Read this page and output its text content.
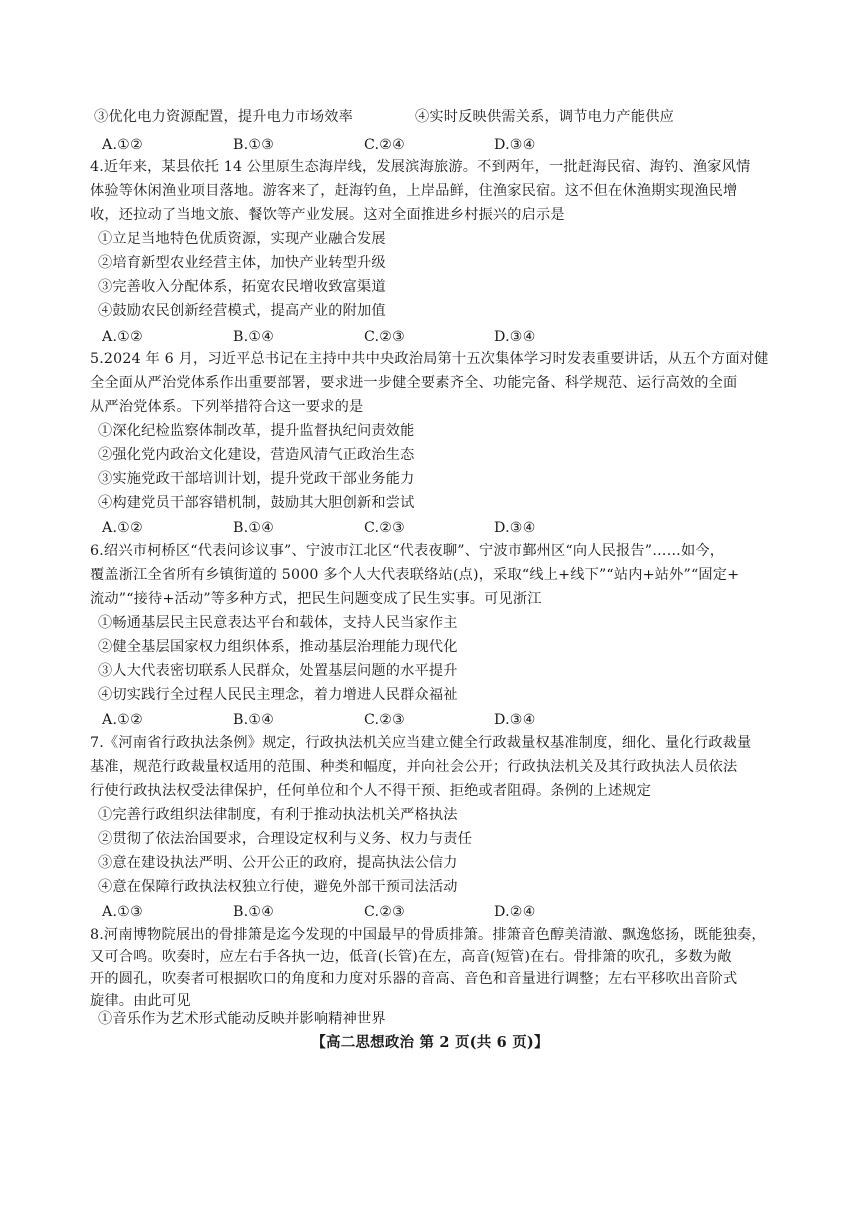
③优化电力资源配置，提升电力市场效率	④实时反映供需关系，调节电力产能供应
A.①②	B.①③	C.②④	D.③④
4.近年来，某县依托 14 公里原生态海岸线，发展滨海旅游。不到两年，一批赶海民宿、海钓、渔家风情
体验等休闲渔业项目落地。游客来了，赶海钓鱼，上岸品鲜，住渔家民宿。这不但在休渔期实现渔民增
收，还拉动了当地文旅、餐饮等产业发展。这对全面推进乡村振兴的启示是
①立足当地特色优质资源，实现产业融合发展
②培育新型农业经营主体，加快产业转型升级
③完善收入分配体系，拓宽农民增收致富渠道
④鼓励农民创新经营模式，提高产业的附加值
A.①②	B.①④	C.②③	D.③④
5.2024 年 6 月，习近平总书记在主持中共中央政治局第十五次集体学习时发表重要讲话，从五个方面对健
全全面从严治党体系作出重要部署，要求进一步健全要素齐全、功能完备、科学规范、运行高效的全面
从严治党体系。下列举措符合这一要求的是
①深化纪检监察体制改革，提升监督执纪问责效能
②强化党内政治文化建设，营造风清气正政治生态
③实施党政干部培训计划，提升党政干部业务能力
④构建党员干部容错机制，鼓励其大胆创新和尝试
A.①②	B.①④	C.②③	D.③④
6.绍兴市柯桥区“代表问诊议事”、宁波市江北区“代表夜聊”、宁波市鄞州区“向人民报告”……如今，
覆盖浙江全省所有乡镇街道的 5000 多个人大代表联络站(点)，采取“线上+线下”“站内+站外”“固定+
流动”“接待+活动”等多种方式，把民生问题变成了民生实事。可见浙江
①畅通基层民主民意表达平台和载体，支持人民当家作主
②健全基层国家权力组织体系，推动基层治理能力现代化
③人大代表密切联系人民群众，处置基层问题的水平提升
④切实践行全过程人民民主理念，着力增进人民群众福祉
A.①②	B.①④	C.②③	D.③④
7.《河南省行政执法条例》规定，行政执法机关应当建立健全行政裁量权基准制度，细化、量化行政裁量
基准，规范行政裁量权适用的范围、种类和幅度，并向社会公开；行政执法机关及其行政执法人员依法
行使行政执法权受法律保护，任何单位和个人不得干预、拒绝或者阻碍。条例的上述规定
①完善行政组织法律制度，有利于推动执法机关严格执法
②贯彻了依法治国要求，合理设定权利与义务、权力与责任
③意在建设执法严明、公开公正的政府，提高执法公信力
④意在保障行政执法权独立行使，避免外部干预司法活动
A.①③	B.①④	C.②③	D.②④
8.河南博物院展出的骨排箫是迄今发现的中国最早的骨质排箫。排箫音色醇美清澈、飘逸悠扬，既能独奏，
又可合鸣。吹奏时，应左右手各执一边，低音(长管)在左，高音(短管)在右。骨排箫的吹孔，多数为敞
开的圆孔，吹奏者可根据吹口的角度和力度对乐器的音高、音色和音量进行调整；左右平移吹出音阶式
旋律。由此可见
①音乐作为艺术形式能动反映并影响精神世界
【高二思想政治 第 2 页(共 6 页)】
